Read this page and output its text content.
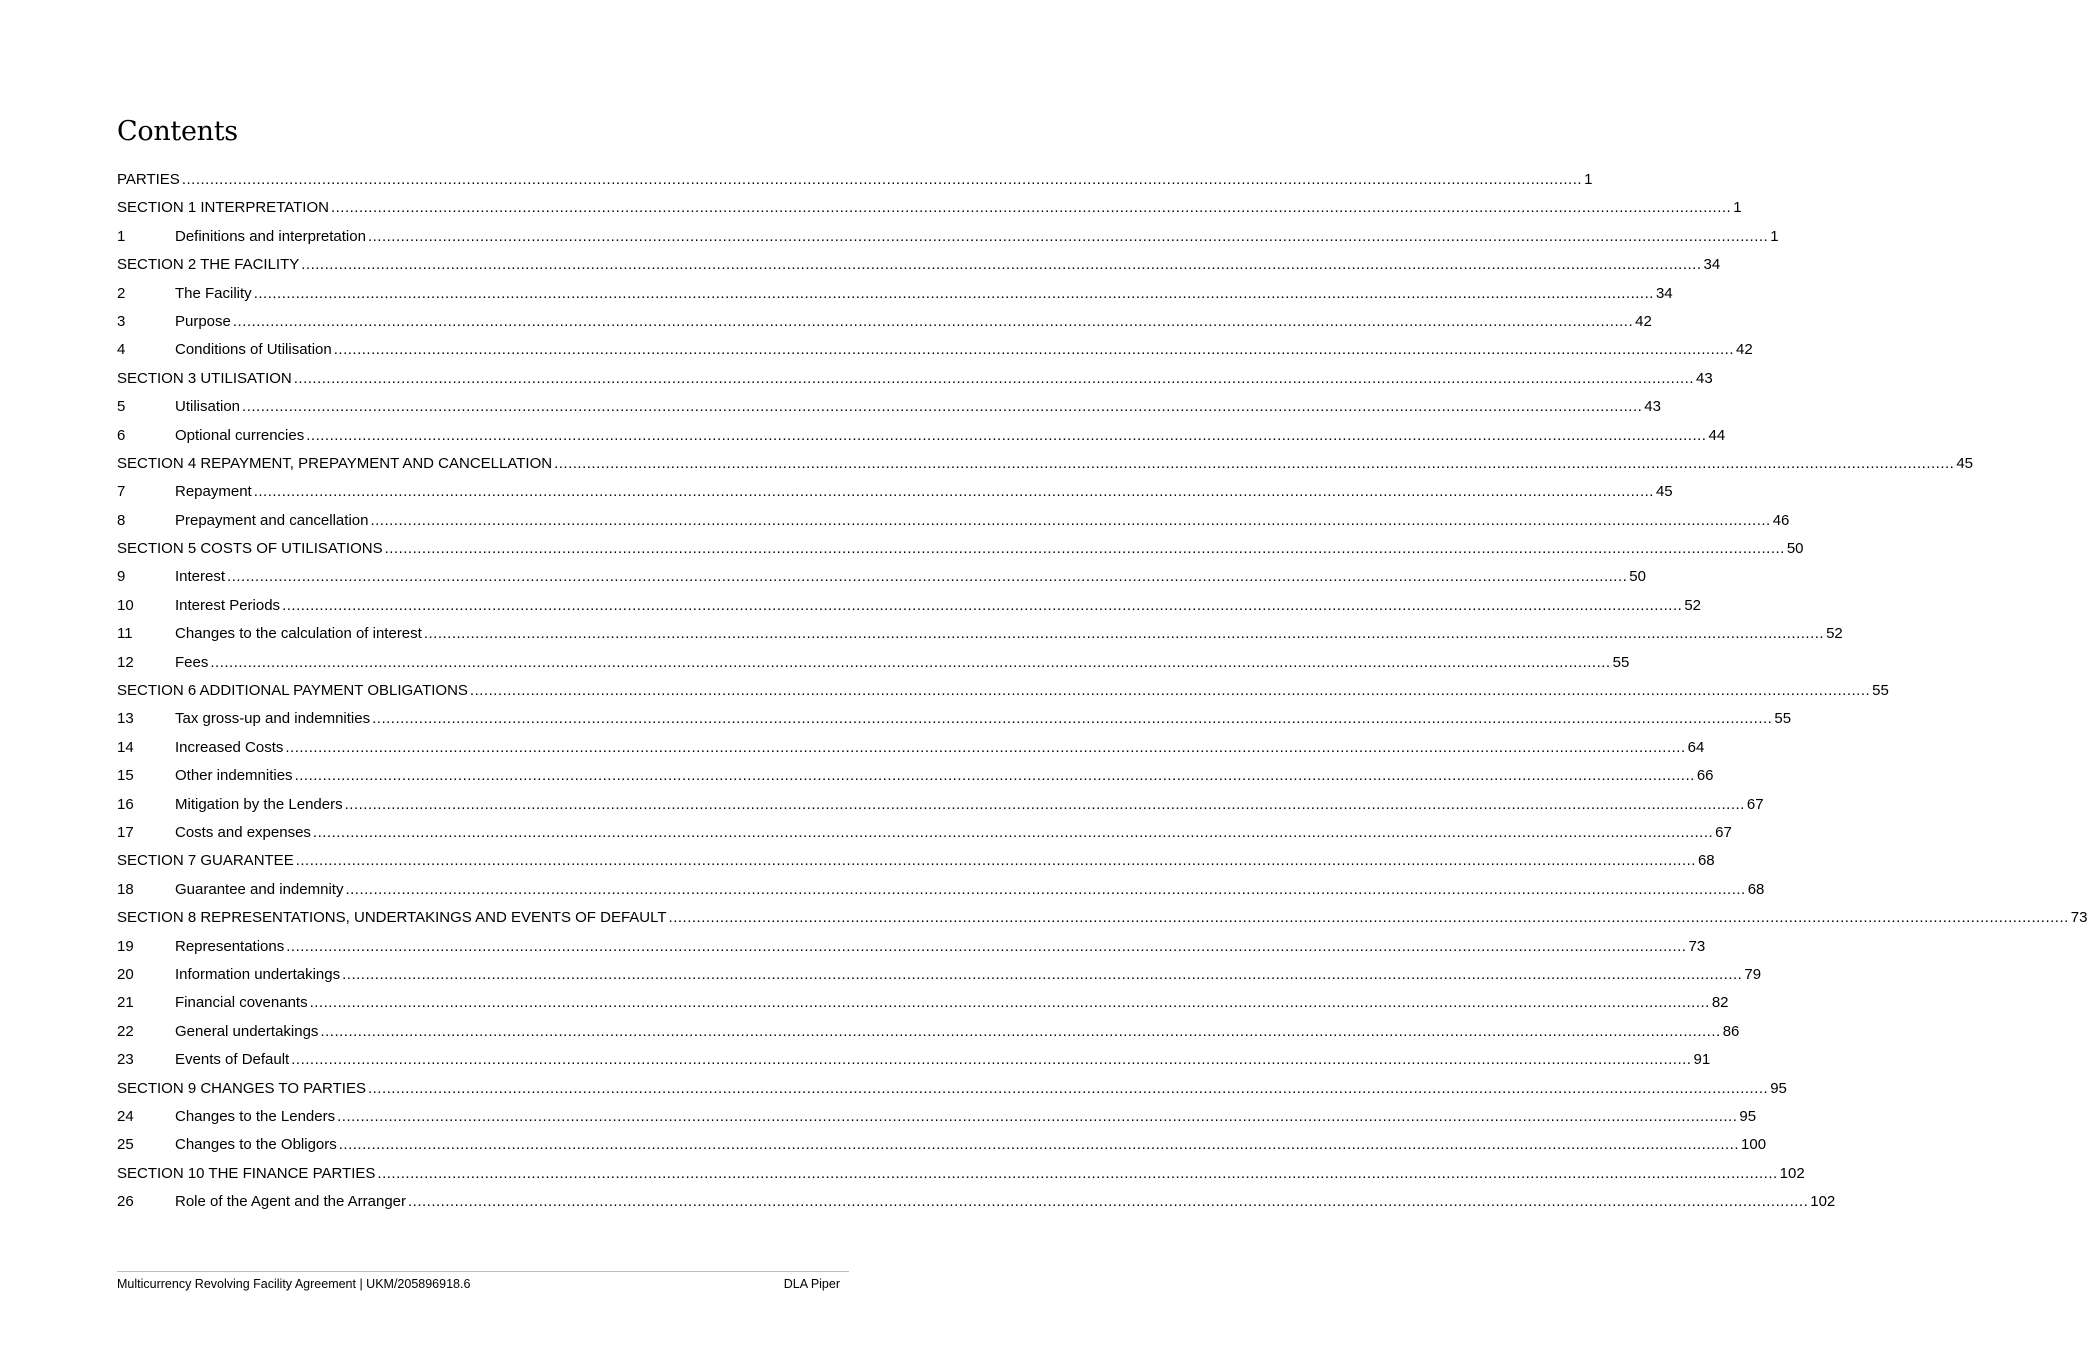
Contents
PARTIES ............................................................................................................................................................................................................................................................................................................ 1
SECTION 1 INTERPRETATION ............................................................................................................................................................................................................................................................................................................ 1
1	Definitions and interpretation ............................................................................................................................................................................................................................................................................................................ 1
SECTION 2 THE FACILITY ............................................................................................................................................................................................................................................................................................................ 34
2	The Facility ............................................................................................................................................................................................................................................................................................................ 34
3	Purpose ............................................................................................................................................................................................................................................................................................................ 42
4	Conditions of Utilisation ............................................................................................................................................................................................................................................................................................................ 42
SECTION 3 UTILISATION ............................................................................................................................................................................................................................................................................................................ 43
5	Utilisation ............................................................................................................................................................................................................................................................................................................ 43
6	Optional currencies ............................................................................................................................................................................................................................................................................................................ 44
SECTION 4 REPAYMENT, PREPAYMENT AND CANCELLATION ............................................................................................................................................................................................................................................................................................................ 45
7	Repayment ............................................................................................................................................................................................................................................................................................................ 45
8	Prepayment and cancellation ............................................................................................................................................................................................................................................................................................................ 46
SECTION 5 COSTS OF UTILISATIONS ............................................................................................................................................................................................................................................................................................................ 50
9	Interest ............................................................................................................................................................................................................................................................................................................ 50
10	Interest Periods ............................................................................................................................................................................................................................................................................................................ 52
11	Changes to the calculation of interest ............................................................................................................................................................................................................................................................................................................ 52
12	Fees ............................................................................................................................................................................................................................................................................................................ 55
SECTION 6 ADDITIONAL PAYMENT OBLIGATIONS ............................................................................................................................................................................................................................................................................................................ 55
13	Tax gross-up and indemnities ............................................................................................................................................................................................................................................................................................................ 55
14	Increased Costs ............................................................................................................................................................................................................................................................................................................ 64
15	Other indemnities ............................................................................................................................................................................................................................................................................................................ 66
16	Mitigation by the Lenders ............................................................................................................................................................................................................................................................................................................ 67
17	Costs and expenses ............................................................................................................................................................................................................................................................................................................ 67
SECTION 7 GUARANTEE ............................................................................................................................................................................................................................................................................................................ 68
18	Guarantee and indemnity ............................................................................................................................................................................................................................................................................................................ 68
SECTION 8 REPRESENTATIONS, UNDERTAKINGS AND EVENTS OF DEFAULT ............................................................................................................................................................................................................................................................................................................ 73
19	Representations ............................................................................................................................................................................................................................................................................................................ 73
20	Information undertakings ............................................................................................................................................................................................................................................................................................................ 79
21	Financial covenants ............................................................................................................................................................................................................................................................................................................ 82
22	General undertakings ............................................................................................................................................................................................................................................................................................................ 86
23	Events of Default ............................................................................................................................................................................................................................................................................................................ 91
SECTION 9 CHANGES TO PARTIES ............................................................................................................................................................................................................................................................................................................ 95
24	Changes to the Lenders ............................................................................................................................................................................................................................................................................................................ 95
25	Changes to the Obligors ............................................................................................................................................................................................................................................................................................................ 100
SECTION 10 THE FINANCE PARTIES ............................................................................................................................................................................................................................................................................................................ 102
26	Role of the Agent and the Arranger ............................................................................................................................................................................................................................................................................................................ 102
Multicurrency Revolving Facility Agreement | UKM/205896918.6	DLA Piper
